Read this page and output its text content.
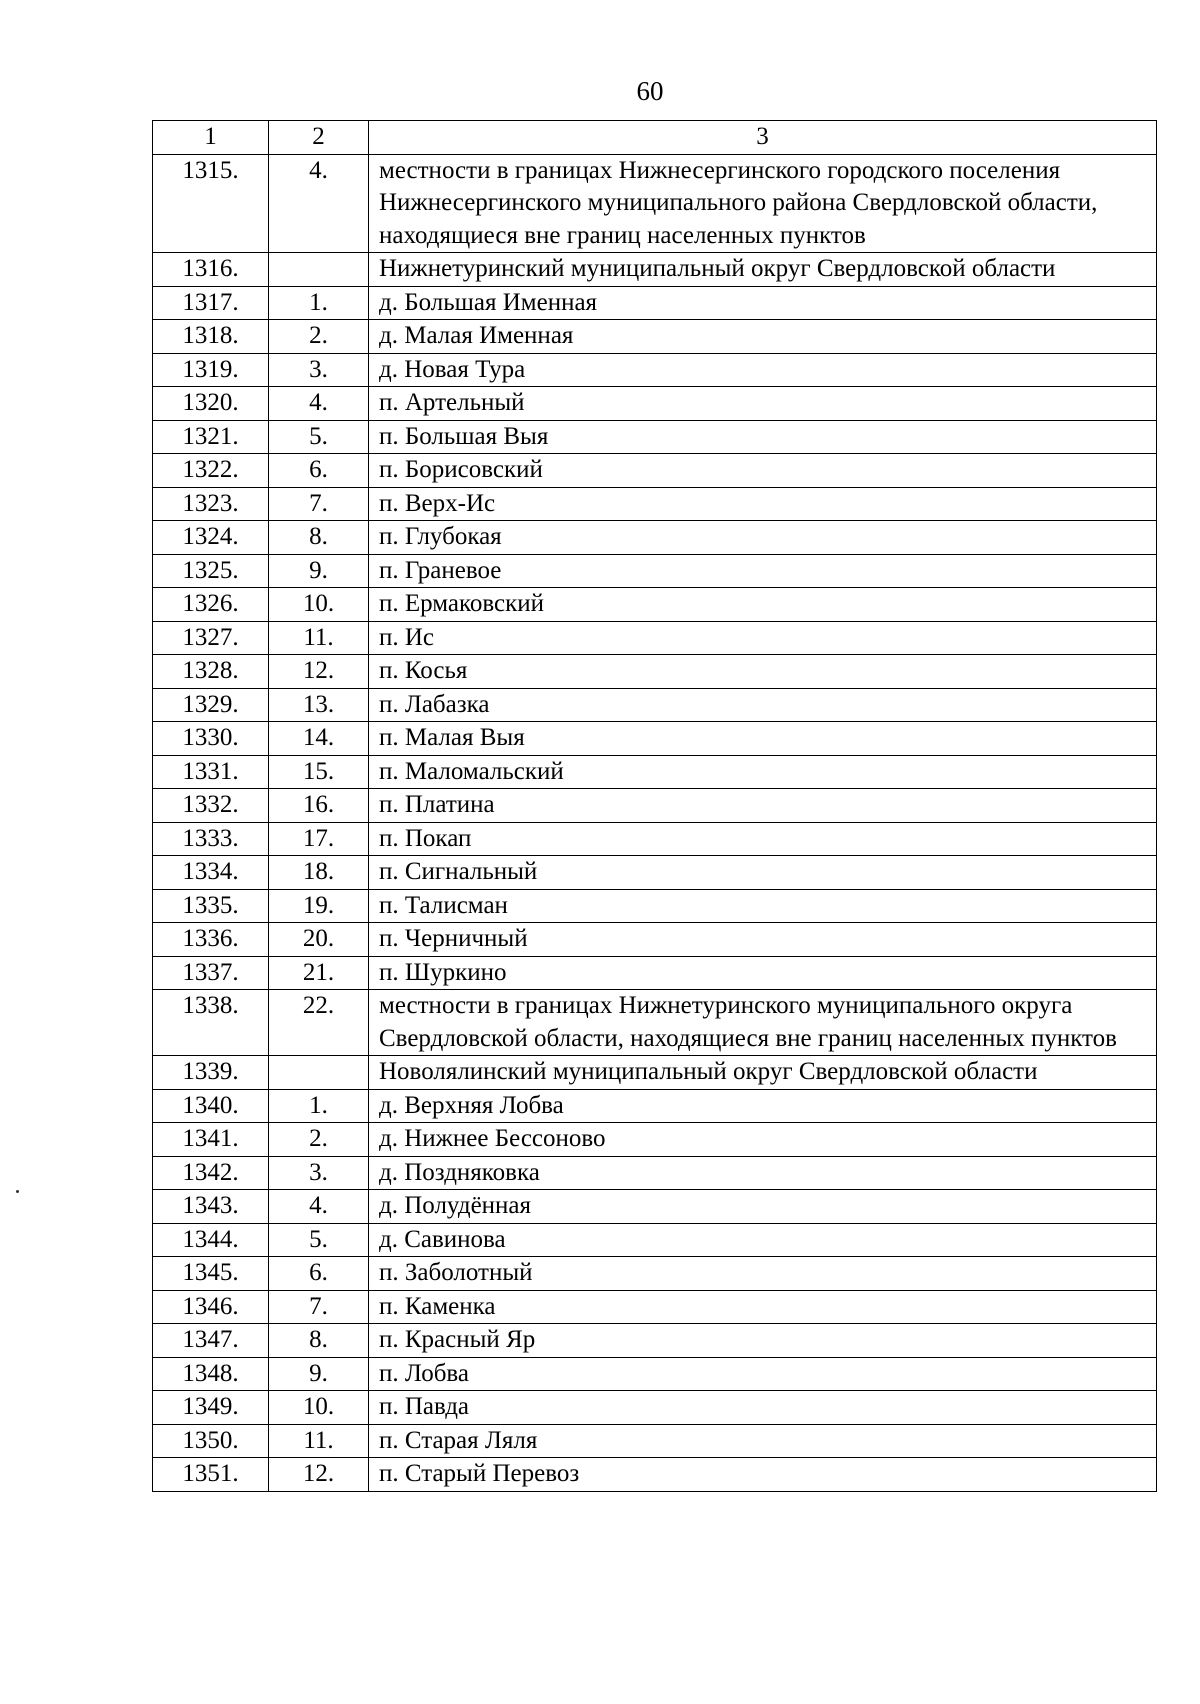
60
1	2	3
1315.	4.	местности в границах Нижнесергинского городского поселения Нижнесергинского муниципального района Свердловской области, находящиеся вне границ населенных пунктов
1316.		Нижнетуринский муниципальный округ Свердловской области
1317.	1.	д. Большая Именная
1318.	2.	д. Малая Именная
1319.	3.	д. Новая Тура
1320.	4.	п. Артельный
1321.	5.	п. Большая Выя
1322.	6.	п. Борисовский
1323.	7.	п. Верх-Ис
1324.	8.	п. Глубокая
1325.	9.	п. Граневое
1326.	10.	п. Ермаковский
1327.	11.	п. Ис
1328.	12.	п. Косья
1329.	13.	п. Лабазка
1330.	14.	п. Малая Выя
1331.	15.	п. Маломальский
1332.	16.	п. Платина
1333.	17.	п. Покап
1334.	18.	п. Сигнальный
1335.	19.	п. Талисман
1336.	20.	п. Черничный
1337.	21.	п. Шуркино
1338.	22.	местности в границах Нижнетуринского муниципального округа Свердловской области, находящиеся вне границ населенных пунктов
1339.		Новолялинский муниципальный округ Свердловской области
1340.	1.	д. Верхняя Лобва
1341.	2.	д. Нижнее Бессоново
1342.	3.	д. Поздняковка
1343.	4.	д. Полудённая
1344.	5.	д. Савинова
1345.	6.	п. Заболотный
1346.	7.	п. Каменка
1347.	8.	п. Красный Яр
1348.	9.	п. Лобва
1349.	10.	п. Павда
1350.	11.	п. Старая Ляля
1351.	12.	п. Старый Перевоз
